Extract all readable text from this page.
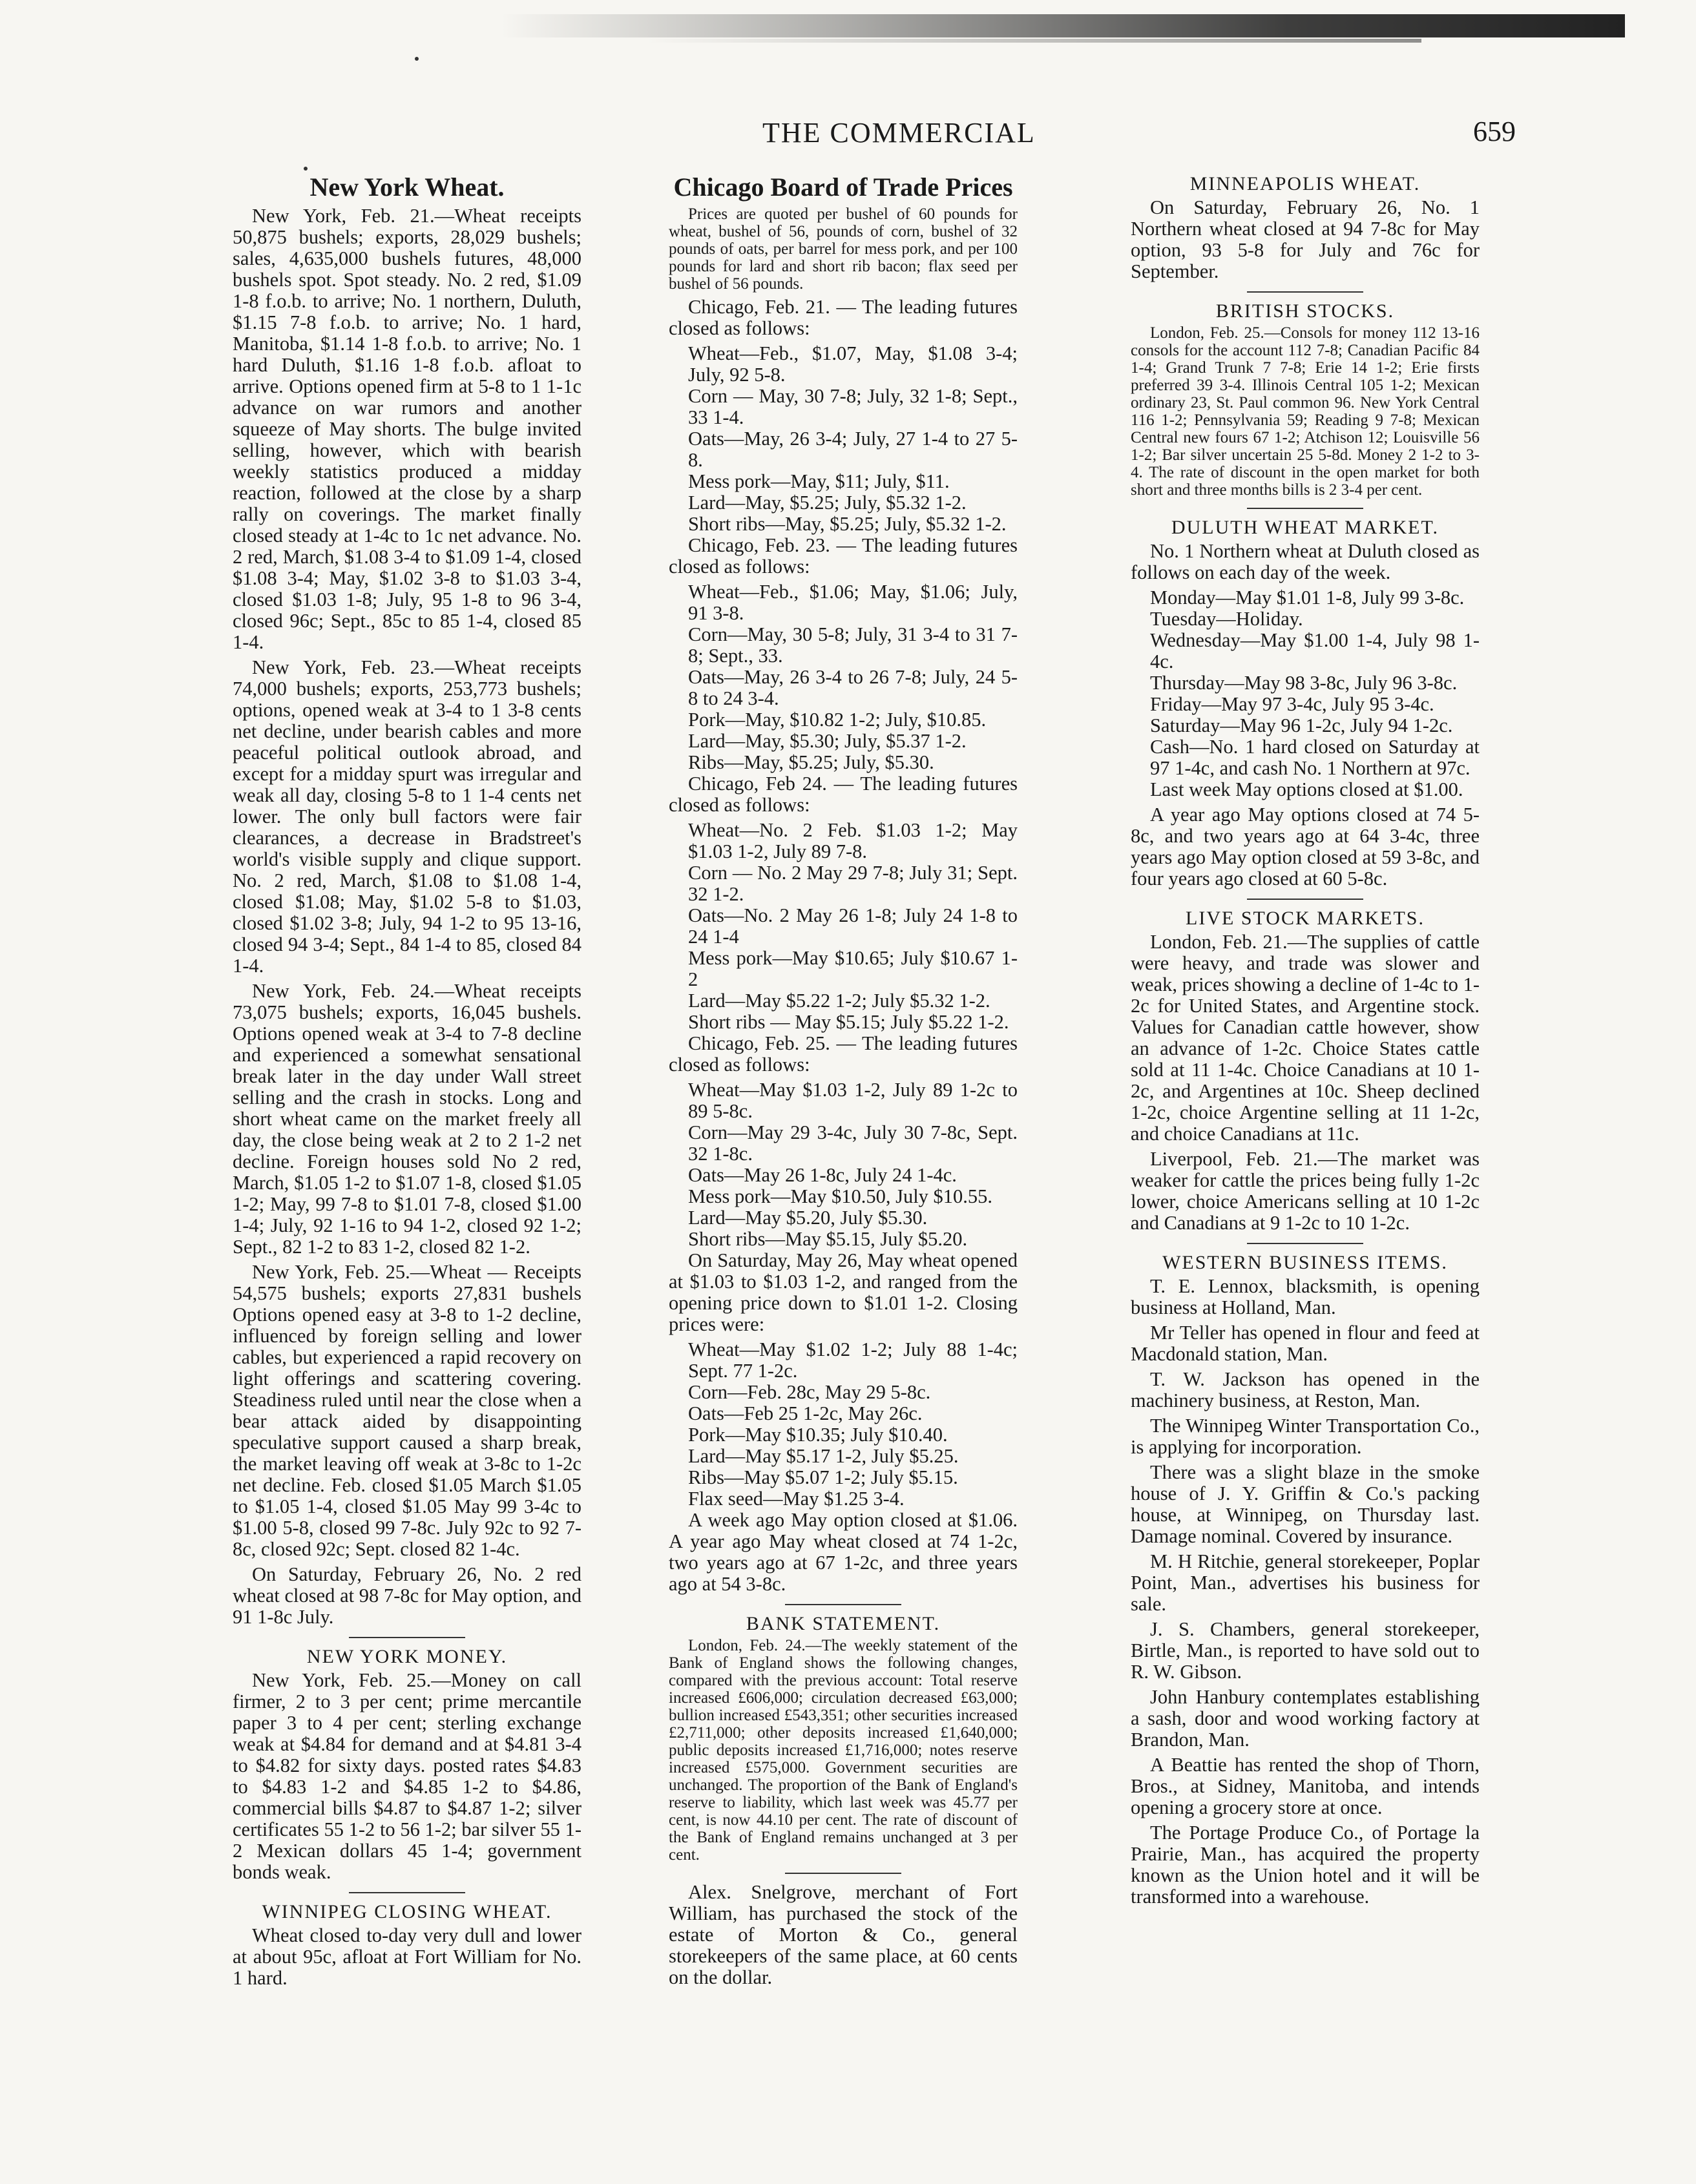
THE COMMERCIAL	659
New York Wheat.

New York, Feb. 21.—Wheat receipts 50,875 bushels; exports, 28,029 bushels; sales, 4,635,000 bushels futures, 48,000 bushels spot. Spot steady. No. 2 red, $1.09 1-8 f.o.b. to arrive; No. 1 northern, Duluth, $1.15 7-8 f.o.b. to arrive; No. 1 hard, Manitoba, $1.14 1-8 f.o.b. to arrive; No. 1 hard Duluth, $1.16 1-8 f.o.b. afloat to arrive. Options opened firm at 5-8 to 1 1-1c advance on war rumors and another squeeze of May shorts. The bulge invited selling, however, which with bearish weekly statistics produced a midday reaction, followed at the close by a sharp rally on coverings. The market finally closed steady at 1-4c to 1c net advance. No. 2 red, March, $1.08 3-4 to $1.09 1-4, closed $1.08 3-4; May, $1.02 3-8 to $1.03 3-4, closed $1.03 1-8; July, 95 1-8 to 96 3-4, closed 96c; Sept., 85c to 85 1-4, closed 85 1-4.

New York, Feb. 23.—Wheat receipts 74,000 bushels; exports, 253,773 bushels; options, opened weak at 3-4 to 1 3-8 cents net decline, under bearish cables and more peaceful political outlook abroad, and except for a midday spurt was irregular and weak all day, closing 5-8 to 1 1-4 cents net lower. The only bull factors were fair clearances, a decrease in Bradstreet's world's visible supply and clique support. No. 2 red, March, $1.08 to $1.08 1-4, closed $1.08; May, $1.02 5-8 to $1.03, closed $1.02 3-8; July, 94 1-2 to 95 13-16, closed 94 3-4; Sept., 84 1-4 to 85, closed 84 1-4.

New York, Feb. 24.—Wheat receipts 73,075 bushels; exports, 16,045 bushels. Options opened weak at 3-4 to 7-8 decline and experienced a somewhat sensational break later in the day under Wall street selling and the crash in stocks. Long and short wheat came on the market freely all day, the close being weak at 2 to 2 1-2 net decline. Foreign houses sold No 2 red, March, $1.05 1-2 to $1.07 1-8, closed $1.05 1-2; May, 99 7-8 to $1.01 7-8, closed $1.00 1-4; July, 92 1-16 to 94 1-2, closed 92 1-2; Sept., 82 1-2 to 83 1-2, closed 82 1-2.

New York, Feb. 25.—Wheat — Receipts 54,575 bushels; exports 27,831 bushels Options opened easy at 3-8 to 1-2 decline, influenced by foreign selling and lower cables, but experienced a rapid recovery on light offerings and scattering covering. Steadiness ruled until near the close when a bear attack aided by disappointing speculative support caused a sharp break, the market leaving off weak at 3-8c to 1-2c net decline. Feb. closed $1.05 March $1.05 to $1.05 1-4, closed $1.05 May 99 3-4c to $1.00 5-8, closed 99 7-8c. July 92c to 92 7-8c, closed 92c; Sept. closed 82 1-4c.

On Saturday, February 26, No. 2 red wheat closed at 98 7-8c for May option, and 91 1-8c July.

NEW YORK MONEY.

New York, Feb. 25.—Money on call firmer, 2 to 3 per cent; prime mercantile paper 3 to 4 per cent; sterling exchange weak at $4.84 for demand and at $4.81 3-4 to $4.82 for sixty days. posted rates $4.83 to $4.83 1-2 and $4.85 1-2 to $4.86, commercial bills $4.87 to $4.87 1-2; silver certificates 55 1-2 to 56 1-2; bar silver 55 1-2 Mexican dollars 45 1-4; government bonds weak.

WINNIPEG CLOSING WHEAT.

Wheat closed to-day very dull and lower at about 95c, afloat at Fort William for No. 1 hard.

Chicago Board of Trade Prices

Prices are quoted per bushel of 60 pounds for wheat, bushel of 56, pounds of corn, bushel of 32 pounds of oats, per barrel for mess pork, and per 100 pounds for lard and short rib bacon; flax seed per bushel of 56 pounds.

Chicago, Feb. 21. — The leading futures closed as follows:

Wheat—Feb., $1.07, May, $1.08 3-4; July, 92 5-8.

Corn — May, 30 7-8; July, 32 1-8; Sept., 33 1-4.

Oats—May, 26 3-4; July, 27 1-4 to 27 5-8.

Mess pork—May, $11; July, $11.

Lard—May, $5.25; July, $5.32 1-2.

Short ribs—May, $5.25; July, $5.32 1-2.

Chicago, Feb. 23. — The leading futures closed as follows:

Wheat—Feb., $1.06; May, $1.06; July, 91 3-8.

Corn—May, 30 5-8; July, 31 3-4 to 31 7-8; Sept., 33.

Oats—May, 26 3-4 to 26 7-8; July, 24 5-8 to 24 3-4.

Pork—May, $10.82 1-2; July, $10.85.

Lard—May, $5.30; July, $5.37 1-2.

Ribs—May, $5.25; July, $5.30.

Chicago, Feb 24. — The leading futures closed as follows:

Wheat—No. 2 Feb. $1.03 1-2; May $1.03 1-2, July 89 7-8.

Corn — No. 2 May 29 7-8; July 31; Sept. 32 1-2.

Oats—No. 2 May 26 1-8; July 24 1-8 to 24 1-4

Mess pork—May $10.65; July $10.67 1-2

Lard—May $5.22 1-2; July $5.32 1-2.

Short ribs — May $5.15; July $5.22 1-2.

Chicago, Feb. 25. — The leading futures closed as follows:

Wheat—May $1.03 1-2, July 89 1-2c to 89 5-8c.

Corn—May 29 3-4c, July 30 7-8c, Sept. 32 1-8c.

Oats—May 26 1-8c, July 24 1-4c.

Mess pork—May $10.50, July $10.55.

Lard—May $5.20, July $5.30.

Short ribs—May $5.15, July $5.20.

On Saturday, May 26, May wheat opened at $1.03 to $1.03 1-2, and ranged from the opening price down to $1.01 1-2. Closing prices were:

Wheat—May $1.02 1-2; July 88 1-4c; Sept. 77 1-2c.

Corn—Feb. 28c, May 29 5-8c.

Oats—Feb 25 1-2c, May 26c.

Pork—May $10.35; July $10.40.

Lard—May $5.17 1-2, July $5.25.

Ribs—May $5.07 1-2; July $5.15.

Flax seed—May $1.25 3-4.

A week ago May option closed at $1.06. A year ago May wheat closed at 74 1-2c, two years ago at 67 1-2c, and three years ago at 54 3-8c.

BANK STATEMENT.

London, Feb. 24.—The weekly statement of the Bank of England shows the following changes, compared with the previous account: Total reserve increased £606,000; circulation decreased £63,000; bullion increased £543,351; other securities increased £2,711,000; other deposits increased £1,640,000; public deposits increased £1,716,000; notes reserve increased £575,000. Government securities are unchanged. The proportion of the Bank of England's reserve to liability, which last week was 45.77 per cent, is now 44.10 per cent. The rate of discount of the Bank of England remains unchanged at 3 per cent.

Alex. Snelgrove, merchant of Fort William, has purchased the stock of the estate of Morton & Co., general storekeepers of the same place, at 60 cents on the dollar.

MINNEAPOLIS WHEAT.

On Saturday, February 26, No. 1 Northern wheat closed at 94 7-8c for May option, 93 5-8 for July and 76c for September.

BRITISH STOCKS.

London, Feb. 25.—Consols for money 112 13-16 consols for the account 112 7-8; Canadian Pacific 84 1-4; Grand Trunk 7 7-8; Erie 14 1-2; Erie firsts preferred 39 3-4. Illinois Central 105 1-2; Mexican ordinary 23, St. Paul common 96. New York Central 116 1-2; Pennsylvania 59; Reading 9 7-8; Mexican Central new fours 67 1-2; Atchison 12; Louisville 56 1-2; Bar silver uncertain 25 5-8d. Money 2 1-2 to 3-4. The rate of discount in the open market for both short and three months bills is 2 3-4 per cent.

DULUTH WHEAT MARKET.

No. 1 Northern wheat at Duluth closed as follows on each day of the week.

Monday—May $1.01 1-8, July 99 3-8c.

Tuesday—Holiday.

Wednesday—May $1.00 1-4, July 98 1-4c.

Thursday—May 98 3-8c, July 96 3-8c.

Friday—May 97 3-4c, July 95 3-4c.

Saturday—May 96 1-2c, July 94 1-2c.

Cash—No. 1 hard closed on Saturday at 97 1-4c, and cash No. 1 Northern at 97c.

Last week May options closed at $1.00.

A year ago May options closed at 74 5-8c, and two years ago at 64 3-4c, three years ago May option closed at 59 3-8c, and four years ago closed at 60 5-8c.

LIVE STOCK MARKETS.

London, Feb. 21.—The supplies of cattle were heavy, and trade was slower and weak, prices showing a decline of 1-4c to 1-2c for United States, and Argentine stock. Values for Canadian cattle however, show an advance of 1-2c. Choice States cattle sold at 11 1-4c. Choice Canadians at 10 1-2c, and Argentines at 10c. Sheep declined 1-2c, choice Argentine selling at 11 1-2c, and choice Canadians at 11c.

Liverpool, Feb. 21.—The market was weaker for cattle the prices being fully 1-2c lower, choice Americans selling at 10 1-2c and Canadians at 9 1-2c to 10 1-2c.

WESTERN BUSINESS ITEMS.

T. E. Lennox, blacksmith, is opening business at Holland, Man.

Mr Teller has opened in flour and feed at Macdonald station, Man.

T. W. Jackson has opened in the machinery business, at Reston, Man.

The Winnipeg Winter Transportation Co., is applying for incorporation.

There was a slight blaze in the smoke house of J. Y. Griffin & Co.'s packing house, at Winnipeg, on Thursday last. Damage nominal. Covered by insurance.

M. H Ritchie, general storekeeper, Poplar Point, Man., advertises his business for sale.

J. S. Chambers, general storekeeper, Birtle, Man., is reported to have sold out to R. W. Gibson.

John Hanbury contemplates establishing a sash, door and wood working factory at Brandon, Man.

A Beattie has rented the shop of Thorn, Bros., at Sidney, Manitoba, and intends opening a grocery store at once.

The Portage Produce Co., of Portage la Prairie, Man., has acquired the property known as the Union hotel and it will be transformed into a warehouse.
